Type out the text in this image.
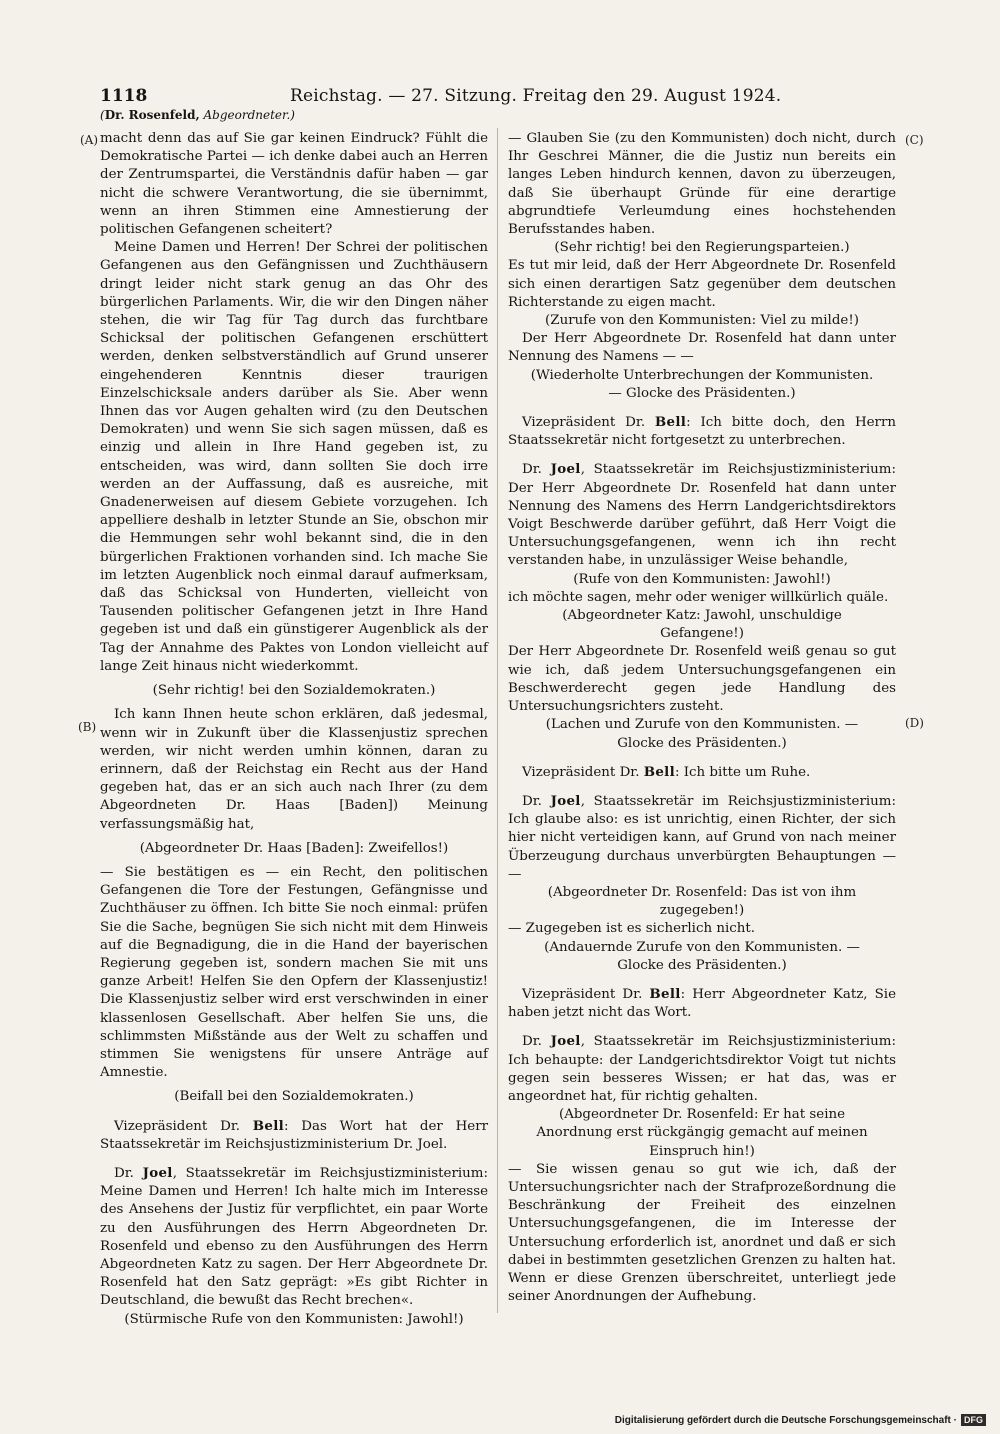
1118	Reichstag. — 27. Sitzung. Freitag den 29. August 1924.
(Dr. Rosenfeld, Abgeordneter.)
(A)
(B)
(C)
(D)

macht denn das auf Sie gar keinen Eindruck? Fühlt die Demokratische Partei — ich denke dabei auch an Herren der Zentrumspartei, die Verständnis dafür haben — gar nicht die schwere Verantwortung, die sie übernimmt, wenn an ihren Stimmen eine Amnestierung der politischen Gefangenen scheitert?

Meine Damen und Herren! Der Schrei der politischen Gefangenen aus den Gefängnissen und Zuchthäusern dringt leider nicht stark genug an das Ohr des bürgerlichen Parlaments. Wir, die wir den Dingen näher stehen, die wir Tag für Tag durch das furchtbare Schicksal der politischen Gefangenen erschüttert werden, denken selbstverständlich auf Grund unserer eingehenderen Kenntnis dieser traurigen Einzelschicksale anders darüber als Sie. Aber wenn Ihnen das vor Augen gehalten wird (zu den Deutschen Demokraten) und wenn Sie sich sagen müssen, daß es einzig und allein in Ihre Hand gegeben ist, zu entscheiden, was wird, dann sollten Sie doch irre werden an der Auffassung, daß es ausreiche, mit Gnadenerweisen auf diesem Gebiete vorzugehen. Ich appelliere deshalb in letzter Stunde an Sie, obschon mir die Hemmungen sehr wohl bekannt sind, die in den bürgerlichen Fraktionen vorhanden sind. Ich mache Sie im letzten Augenblick noch einmal darauf aufmerksam, daß das Schicksal von Hunderten, vielleicht von Tausenden politischer Gefangenen jetzt in Ihre Hand gegeben ist und daß ein günstigerer Augenblick als der Tag der Annahme des Paktes von London vielleicht auf lange Zeit hinaus nicht wiederkommt.

(Sehr richtig! bei den Sozialdemokraten.)

Ich kann Ihnen heute schon erklären, daß jedesmal, wenn wir in Zukunft über die Klassenjustiz sprechen werden, wir nicht werden umhin können, daran zu erinnern, daß der Reichstag ein Recht aus der Hand gegeben hat, das er an sich auch nach Ihrer (zu dem Abgeordneten Dr. Haas [Baden]) Meinung verfassungsmäßig hat,

(Abgeordneter Dr. Haas [Baden]: Zweifellos!)

— Sie bestätigen es — ein Recht, den politischen Gefangenen die Tore der Festungen, Gefängnisse und Zuchthäuser zu öffnen. Ich bitte Sie noch einmal: prüfen Sie die Sache, begnügen Sie sich nicht mit dem Hinweis auf die Begnadigung, die in die Hand der bayerischen Regierung gegeben ist, sondern machen Sie mit uns ganze Arbeit! Helfen Sie den Opfern der Klassenjustiz! Die Klassenjustiz selber wird erst verschwinden in einer klassenlosen Gesellschaft. Aber helfen Sie uns, die schlimmsten Mißstände aus der Welt zu schaffen und stimmen Sie wenigstens für unsere Anträge auf Amnestie.

(Beifall bei den Sozialdemokraten.)

Vizepräsident Dr. Bell: Das Wort hat der Herr Staatssekretär im Reichsjustizministerium Dr. Joel.

Dr. Joel, Staatssekretär im Reichsjustizministerium: Meine Damen und Herren! Ich halte mich im Interesse des Ansehens der Justiz für verpflichtet, ein paar Worte zu den Ausführungen des Herrn Abgeordneten Dr. Rosenfeld und ebenso zu den Ausführungen des Herrn Abgeordneten Katz zu sagen. Der Herr Abgeordnete Dr. Rosenfeld hat den Satz geprägt: »Es gibt Richter in Deutschland, die bewußt das Recht brechen«.

(Stürmische Rufe von den Kommunisten: Jawohl!)

— Glauben Sie (zu den Kommunisten) doch nicht, durch Ihr Geschrei Männer, die die Justiz nun bereits ein langes Leben hindurch kennen, davon zu überzeugen, daß Sie überhaupt Gründe für eine derartige abgrundtiefe Verleumdung eines hochstehenden Berufsstandes haben.

(Sehr richtig! bei den Regierungsparteien.)

Es tut mir leid, daß der Herr Abgeordnete Dr. Rosenfeld sich einen derartigen Satz gegenüber dem deutschen Richterstande zu eigen macht.

(Zurufe von den Kommunisten: Viel zu milde!)

Der Herr Abgeordnete Dr. Rosenfeld hat dann unter Nennung des Namens — —

(Wiederholte Unterbrechungen der Kommunisten. — Glocke des Präsidenten.)

Vizepräsident Dr. Bell: Ich bitte doch, den Herrn Staatssekretär nicht fortgesetzt zu unterbrechen.

Dr. Joel, Staatssekretär im Reichsjustizministerium: Der Herr Abgeordnete Dr. Rosenfeld hat dann unter Nennung des Namens des Herrn Landgerichtsdirektors Voigt Beschwerde darüber geführt, daß Herr Voigt die Untersuchungsgefangenen, wenn ich ihn recht verstanden habe, in unzulässiger Weise behandle,

(Rufe von den Kommunisten: Jawohl!)

ich möchte sagen, mehr oder weniger willkürlich quäle.

(Abgeordneter Katz: Jawohl, unschuldige Gefangene!)

Der Herr Abgeordnete Dr. Rosenfeld weiß genau so gut wie ich, daß jedem Untersuchungsgefangenen ein Beschwerderecht gegen jede Handlung des Untersuchungsrichters zusteht.

(Lachen und Zurufe von den Kommunisten. — Glocke des Präsidenten.)

Vizepräsident Dr. Bell: Ich bitte um Ruhe.

Dr. Joel, Staatssekretär im Reichsjustizministerium: Ich glaube also: es ist unrichtig, einen Richter, der sich hier nicht verteidigen kann, auf Grund von nach meiner Überzeugung durchaus unverbürgten Behauptungen — —

(Abgeordneter Dr. Rosenfeld: Das ist von ihm zugegeben!)

— Zugegeben ist es sicherlich nicht.

(Andauernde Zurufe von den Kommunisten. — Glocke des Präsidenten.)

Vizepräsident Dr. Bell: Herr Abgeordneter Katz, Sie haben jetzt nicht das Wort.

Dr. Joel, Staatssekretär im Reichsjustizministerium: Ich behaupte: der Landgerichtsdirektor Voigt tut nichts gegen sein besseres Wissen; er hat das, was er angeordnet hat, für richtig gehalten.

(Abgeordneter Dr. Rosenfeld: Er hat seine Anordnung erst rückgängig gemacht auf meinen Einspruch hin!)

— Sie wissen genau so gut wie ich, daß der Untersuchungsrichter nach der Strafprozeßordnung die Beschränkung der Freiheit des einzelnen Untersuchungsgefangenen, die im Interesse der Untersuchung erforderlich ist, anordnet und daß er sich dabei in bestimmten gesetzlichen Grenzen zu halten hat. Wenn er diese Grenzen überschreitet, unterliegt jede seiner Anordnungen der Aufhebung.

Digitalisierung gefördert durch die Deutsche Forschungsgemeinschaft · DFG
